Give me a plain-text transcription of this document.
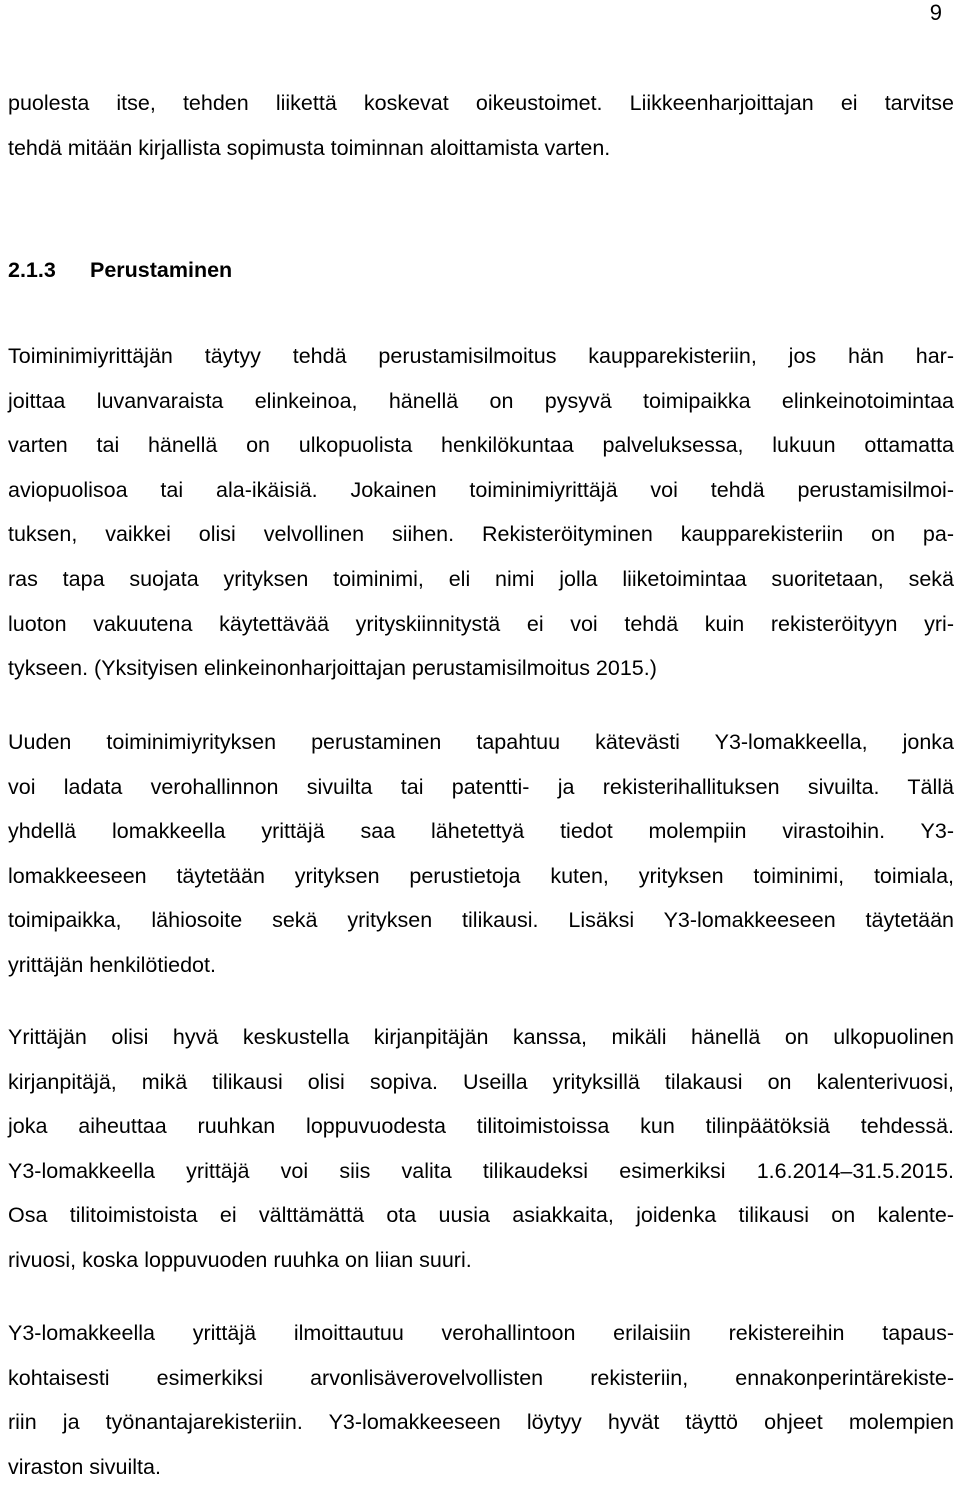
9
puolesta itse, tehden liikettä koskevat oikeustoimet. Liikkeenharjoittajan ei tarvitse
tehdä mitään kirjallista sopimusta toiminnan aloittamista varten.
2.1.3 Perustaminen
Toiminimiyrittäjän täytyy tehdä perustamisilmoitus kaupparekisteriin, jos hän har-
joittaa luvanvaraista elinkeinoa, hänellä on pysyvä toimipaikka elinkeinotoimintaa
varten tai hänellä on ulkopuolista henkilökuntaa palveluksessa, lukuun ottamatta
aviopuolisoa tai ala-ikäisiä. Jokainen toiminimiyrittäjä voi tehdä perustamisilmoi-
tuksen, vaikkei olisi velvollinen siihen. Rekisteröityminen kaupparekisteriin on pa-
ras tapa suojata yrityksen toiminimi, eli nimi jolla liiketoimintaa suoritetaan, sekä
luoton vakuutena käytettävää yrityskiinnitystä ei voi tehdä kuin rekisteröityyn yri-
tykseen. (Yksityisen elinkeinonharjoittajan perustamisilmoitus 2015.)
Uuden toiminimiyrityksen perustaminen tapahtuu kätevästi Y3-lomakkeella, jonka
voi ladata verohallinnon sivuilta tai patentti- ja rekisterihallituksen sivuilta. Tällä
yhdellä lomakkeella yrittäjä saa lähetettyä tiedot molempiin virastoihin. Y3-
lomakkeeseen täytetään yrityksen perustietoja kuten, yrityksen toiminimi, toimiala,
toimipaikka, lähiosoite sekä yrityksen tilikausi. Lisäksi Y3-lomakkeeseen täytetään
yrittäjän henkilötiedot.
Yrittäjän olisi hyvä keskustella kirjanpitäjän kanssa, mikäli hänellä on ulkopuolinen
kirjanpitäjä, mikä tilikausi olisi sopiva. Useilla yrityksillä tilakausi on kalenterivuosi,
joka aiheuttaa ruuhkan loppuvuodesta tilitoimistoissa kun tilinpäätöksiä tehdessä.
Y3-lomakkeella yrittäjä voi siis valita tilikaudeksi esimerkiksi 1.6.2014–31.5.2015.
Osa tilitoimistoista ei välttämättä ota uusia asiakkaita, joidenka tilikausi on kalente-
rivuosi, koska loppuvuoden ruuhka on liian suuri.
Y3-lomakkeella yrittäjä ilmoittautuu verohallintoon erilaisiin rekistereihin tapaus-
kohtaisesti esimerkiksi arvonlisäverovelvollisten rekisteriin, ennakonperintärekiste-
riin ja työnantajarekisteriin. Y3-lomakkeeseen löytyy hyvät täyttö ohjeet molempien
viraston sivuilta.
